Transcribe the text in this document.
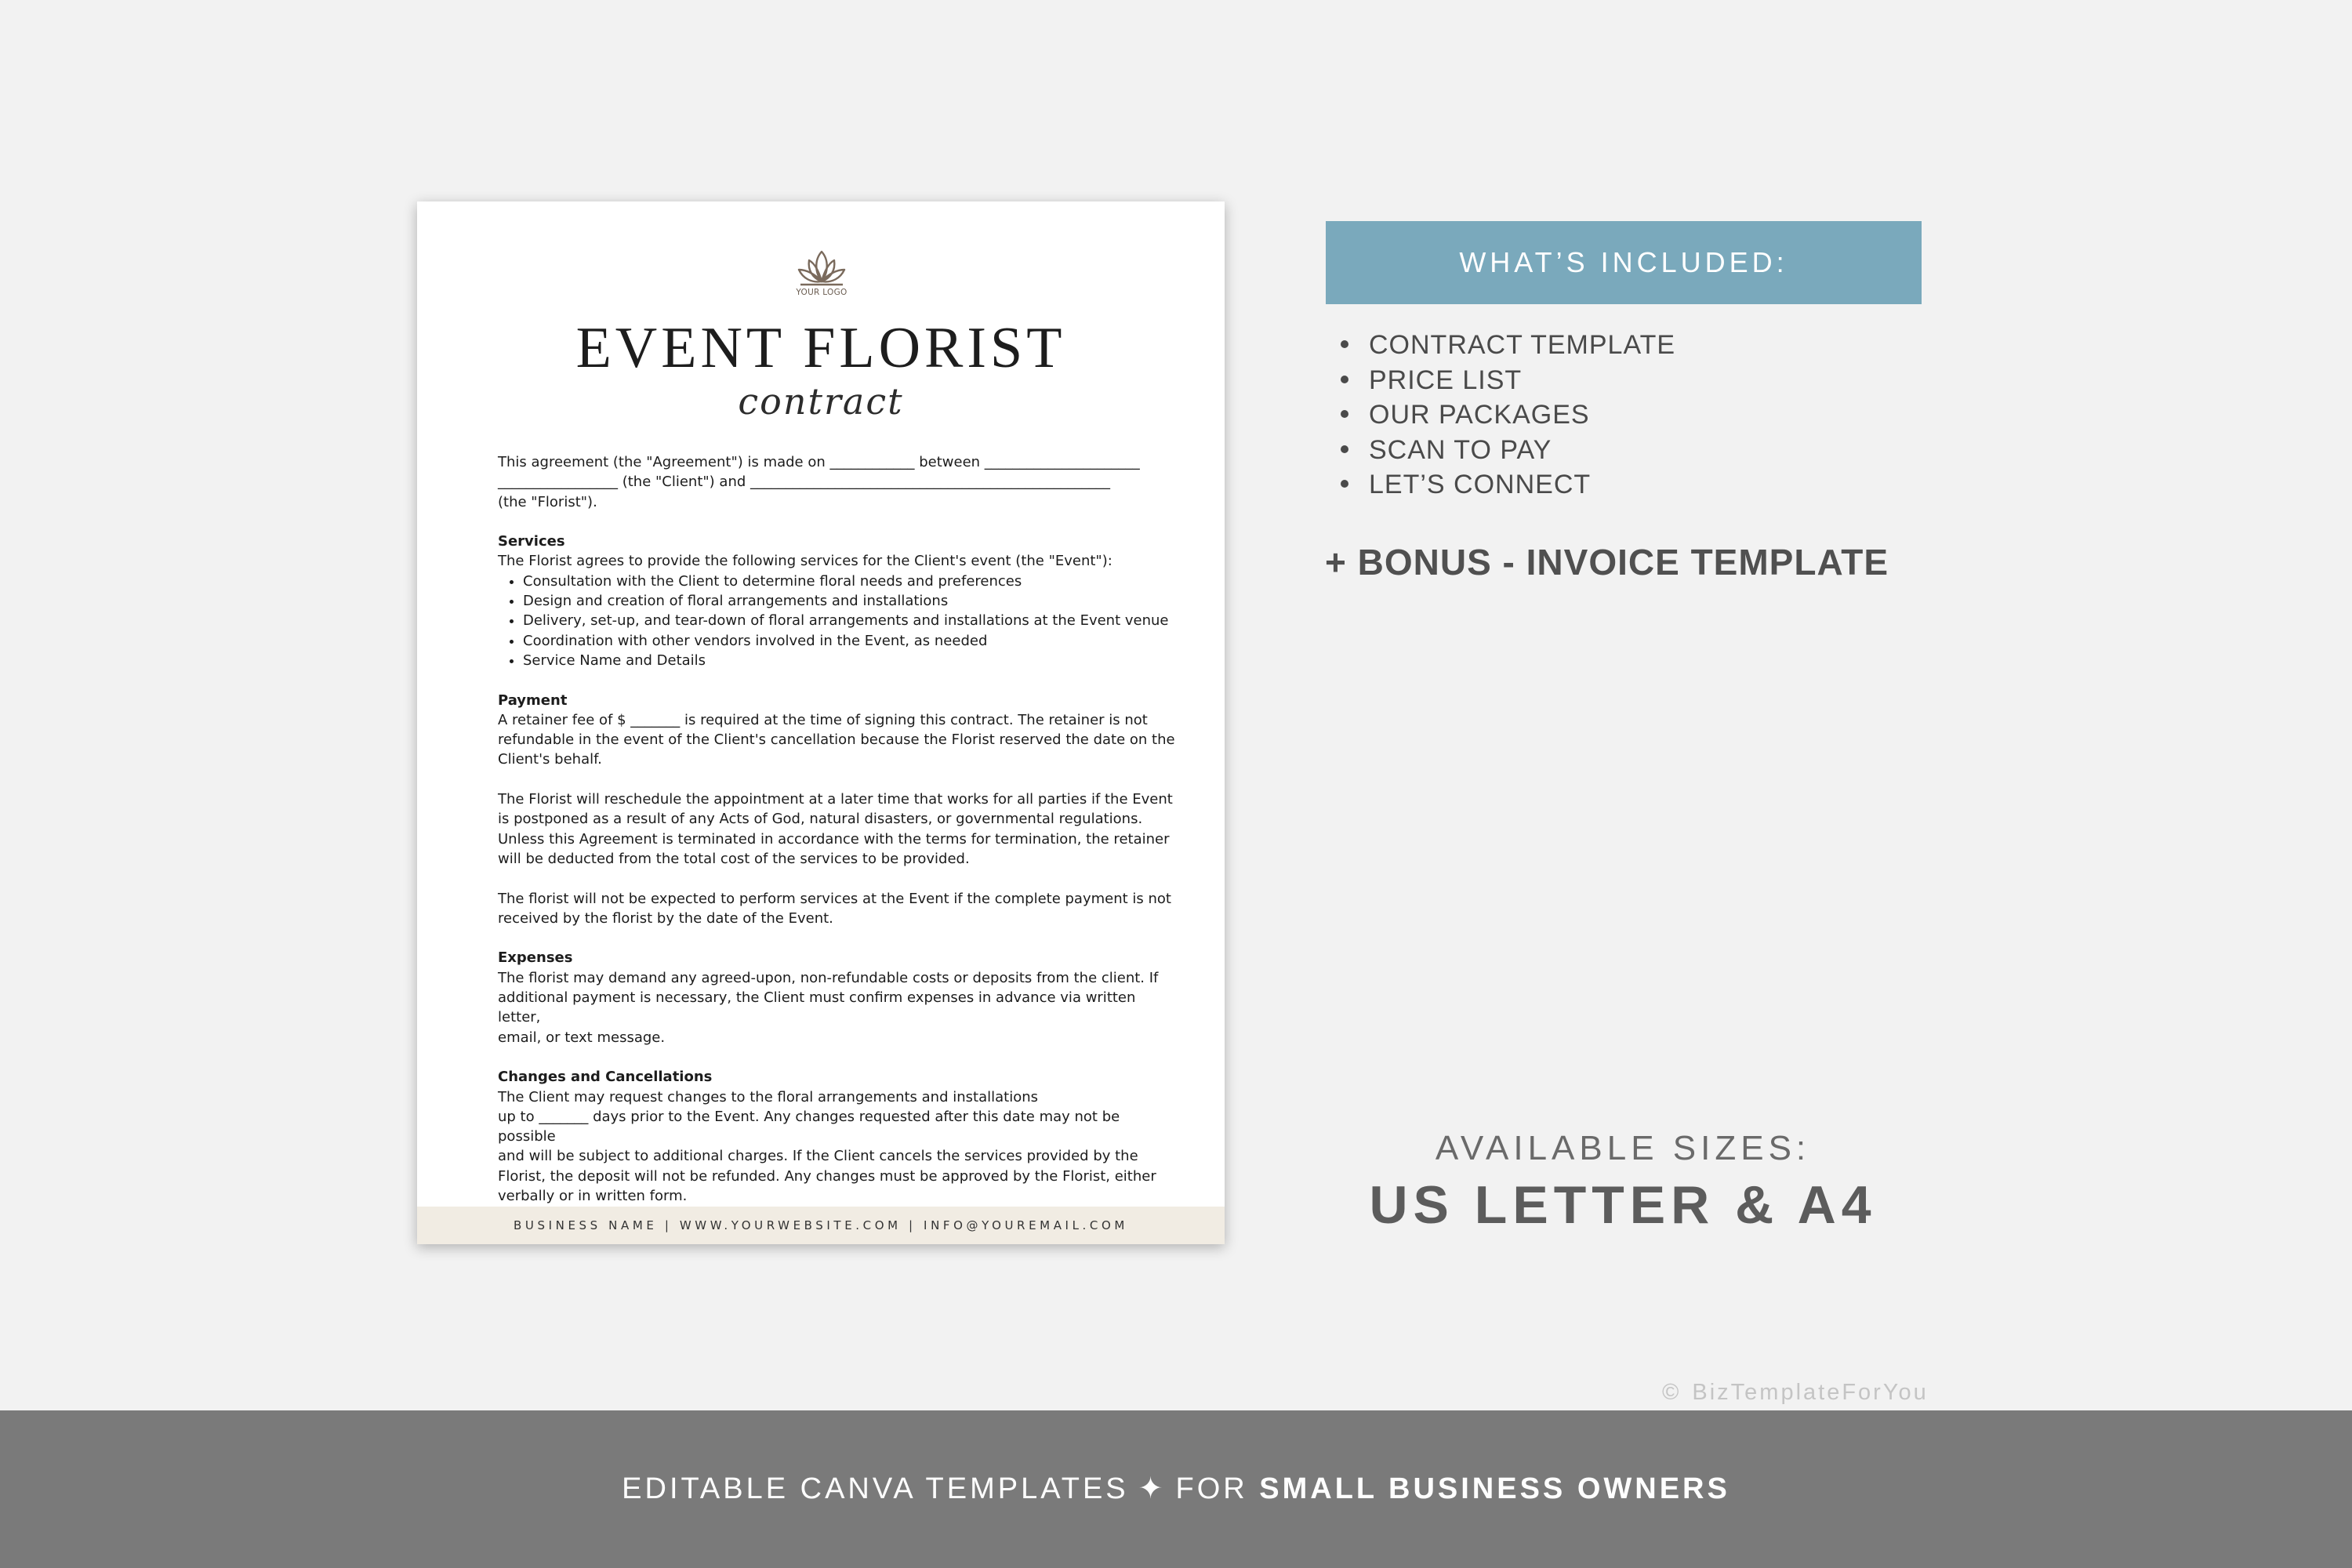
YOUR LOGO
EVENT FLORIST
contract

This agreement (the "Agreement") is made on ____________ between ______________________

_________________ (the "Client") and ___________________________________________________

(the "Florist").

Services

The Florist agrees to provide the following services for the Client's event (the "Event"):

• Consultation with the Client to determine floral needs and preferences
• Design and creation of floral arrangements and installations
• Delivery, set-up, and tear-down of floral arrangements and installations at the Event venue
• Coordination with other vendors involved in the Event, as needed
• Service Name and Details

Payment

A retainer fee of $ _______ is required at the time of signing this contract. The retainer is not

refundable in the event of the Client's cancellation because the Florist reserved the date on the

Client's behalf.

The Florist will reschedule the appointment at a later time that works for all parties if the Event

is postponed as a result of any Acts of God, natural disasters, or governmental regulations.

Unless this Agreement is terminated in accordance with the terms for termination, the retainer

will be deducted from the total cost of the services to be provided.

The florist will not be expected to perform services at the Event if the complete payment is not

received by the florist by the date of the Event.

Expenses

The florist may demand any agreed-upon, non-refundable costs or deposits from the client. If

additional payment is necessary, the Client must confirm expenses in advance via written letter,

email, or text message.

Changes and Cancellations

The Client may request changes to the floral arrangements and installations

up to _______ days prior to the Event. Any changes requested after this date may not be possible

and will be subject to additional charges. If the Client cancels the services provided by the

Florist, the deposit will not be refunded. Any changes must be approved by the Florist, either

verbally or in written form.

BUSINESS NAME | WWW.YOURWEBSITE.COM | INFO@YOUREMAIL.COM
WHAT’S INCLUDED:
CONTRACT TEMPLATE
PRICE LIST
OUR PACKAGES
SCAN TO PAY
LET’S CONNECT
+ BONUS - INVOICE TEMPLATE
AVAILABLE SIZES:
US LETTER & A4
© BizTemplateForYou
EDITABLE CANVA TEMPLATES ✦ FOR SMALL BUSINESS OWNERS
